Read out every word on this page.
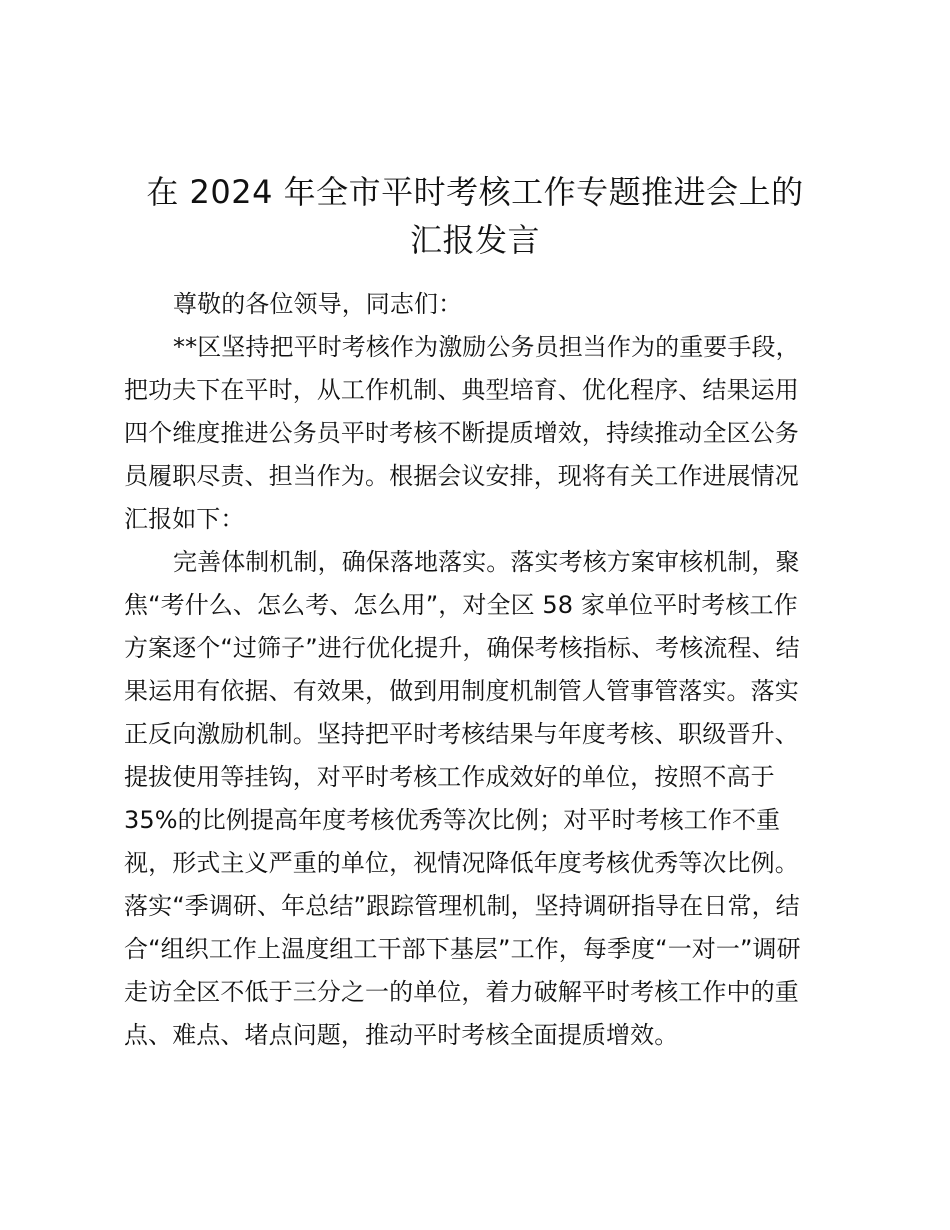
在 2024 年全市平时考核工作专题推进会上的
汇报发言
尊敬的各位领导，同志们：
**区坚持把平时考核作为激励公务员担当作为的重要手段，
把功夫下在平时，从工作机制、典型培育、优化程序、结果运用
四个维度推进公务员平时考核不断提质增效，持续推动全区公务
员履职尽责、担当作为。根据会议安排，现将有关工作进展情况
汇报如下：
完善体制机制，确保落地落实。落实考核方案审核机制，聚
焦“考什么、怎么考、怎么用”，对全区 58 家单位平时考核工作
方案逐个“过筛子”进行优化提升，确保考核指标、考核流程、结
果运用有依据、有效果，做到用制度机制管人管事管落实。落实
正反向激励机制。坚持把平时考核结果与年度考核、职级晋升、
提拔使用等挂钩，对平时考核工作成效好的单位，按照不高于
35%的比例提高年度考核优秀等次比例；对平时考核工作不重
视，形式主义严重的单位，视情况降低年度考核优秀等次比例。
落实“季调研、年总结”跟踪管理机制，坚持调研指导在日常，结
合“组织工作上温度组工干部下基层”工作，每季度“一对一”调研
走访全区不低于三分之一的单位，着力破解平时考核工作中的重
点、难点、堵点问题，推动平时考核全面提质增效。
